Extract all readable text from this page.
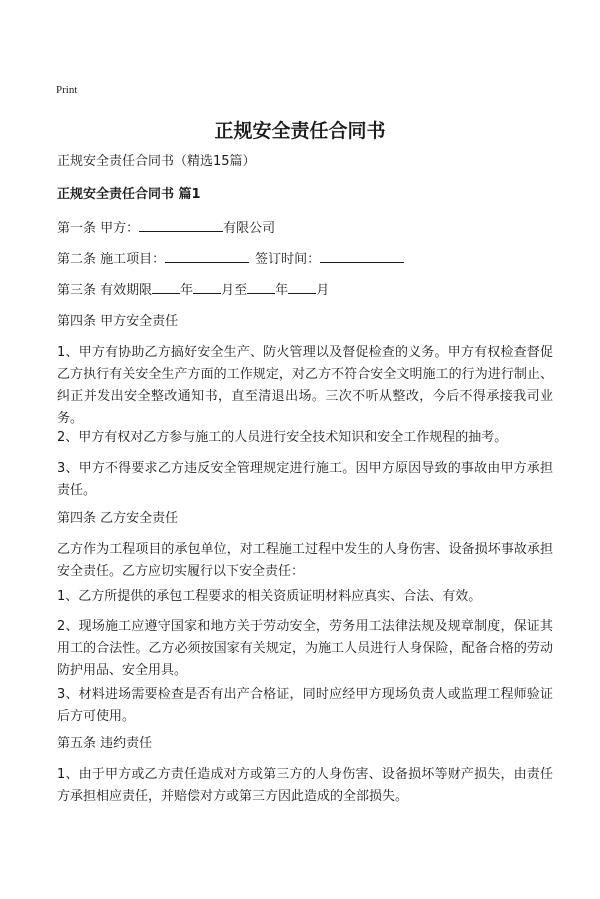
Print
正规安全责任合同书

正规安全责任合同书（精选15篇）

正规安全责任合同书 篇1

第一条 甲方：	有限公司

第二条 施工项目：	签订时间：

第三条 有效期限 年 月至 年 月

第四条 甲方安全责任

1、甲方有协助乙方搞好安全生产、防火管理以及督促检查的义务。甲方有权检查督促乙方执行有关安全生产方面的工作规定，对乙方不符合安全文明施工的行为进行制止、纠正并发出安全整改通知书，直至清退出场。三次不听从整改，今后不得承接我司业务。

2、甲方有权对乙方参与施工的人员进行安全技术知识和安全工作规程的抽考。

3、甲方不得要求乙方违反安全管理规定进行施工。因甲方原因导致的事故由甲方承担责任。

第四条 乙方安全责任

乙方作为工程项目的承包单位，对工程施工过程中发生的人身伤害、设备损坏事故承担安全责任。乙方应切实履行以下安全责任：

1、乙方所提供的承包工程要求的相关资质证明材料应真实、合法、有效。

2、现场施工应遵守国家和地方关于劳动安全，劳务用工法律法规及规章制度，保证其用工的合法性。乙方必须按国家有关规定，为施工人员进行人身保险，配备合格的劳动防护用品、安全用具。

3、材料进场需要检查是否有出产合格证，同时应经甲方现场负责人或监理工程师验证后方可使用。

第五条 违约责任

1、由于甲方或乙方责任造成对方或第三方的人身伤害、设备损坏等财产损失，由责任方承担相应责任，并赔偿对方或第三方因此造成的全部损失。
